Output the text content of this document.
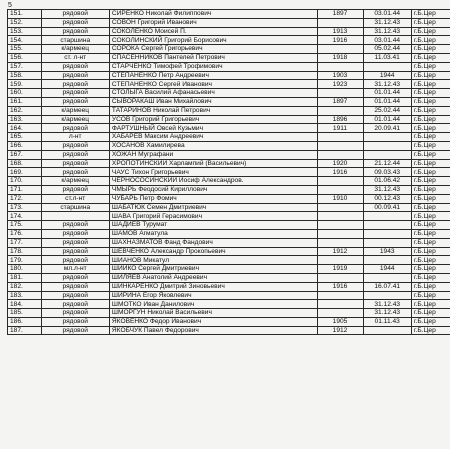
5
151.	рядовой	СИРЕНКО Николай Филиппович	1897	03.01.44	г.Б.Цер
152.	рядовой	СОВОН Григорий Иванович		31.12.43	г.Б.Цер
153.	рядовой	СОКОЛЕНКО Моисей П.	1913	31.12.43	г.Б.Цер
154.	старшина	СОКОЛИНСКИЙ Григорий Борисович	1916	03.01.44	г.Б.Цер
155.	к/армеец	СОРОКА Сергей Григорьевич		05.02.44	г.Б.Цер
156.	ст. л-нт	СПАСЕННИКОВ Пантелей Петрович	1918	11.03.41	г.Б.Цер
157.	рядовой	СТАРЧЕНКО Тимофей Трофимович			г.Б.Цер
158.	рядовой	СТЕПАНЕНКО Петр Андреевич	1903	1944	г.Б.Цер
159.	рядовой	СТЕПАНЕНКО Сергей Иванович	1923	31.12.43	г.Б.Цер
160.	рядовой	СТОЛЫГА Василий Афанасьевич		01.01.44	г.Б.Цер
161.	рядовой	СЫВОРАКАШ Иван Михайлович	1897	01.01.44	г.Б.Цер
162.	к/армеец	ТАТАРИНОВ Николай Петрович		25.02.44	г.Б.Цер
163.	к/армеец	УСОВ Григорий Григорьевич	1896	01.01.44	г.Б.Цер
164.	рядовой	ФАРТУШНЫЙ Овсей Кузьмич	1911	20.09.41	г.Б.Цер
165.	л-нт	ХАБАРЕВ Максим Андреевич			г.Б.Цер
166.	рядовой	ХОСАНОВ Хамилирева			г.Б.Цер
167.	рядовой	ХОЖАН Муграфани			г.Б.Цер
168.	рядовой	ХРОПОТИНСКИЙ Харлампий (Васильевич)	1920	21.12.44	г.Б.Цер
169.	рядовой	ЧАУС Тихон Григорьевич	1916	09.03.43	г.Б.Цер
170.	к/армеец	ЧЕРНОСОСИНСКИЙ Иосиф Александров.		01.06.42	г.Б.Цер
171.	рядовой	ЧМЫРЬ Феодосий Кириллович		31.12.43	г.Б.Цер
172.	ст.л-нт	ЧУБАРЬ Петр Фомич	1910	00.12.43	г.Б.Цер
173.	старшина	ШАБАТЮК Семен Дмитриевич		00.09.41	г.Б.Цер
174.		ШАВА Григорий Герасимович			г.Б.Цер
175.	рядовой	ШАДИЕВ Турумат			г.Б.Цер
176.	рядовой	ШАМОВ Агматула			г.Б.Цер
177.	рядовой	ШАХНАЗМАТОВ Фанд Фандович			г.Б.Цер
178.	рядовой	ШЕВЧЕНКО Александр Прокопьевич	1912	1943	г.Б.Цер
179.	рядовой	ШИАНОВ Микатул			г.Б.Цер
180.	мл.л-нт	ШИЙКО Сергей Дмитриевич	1919	1944	г.Б.Цер
181.	рядовой	ШИЛЯЕВ Анатолий Андреевич			г.Б.Цер
182.	рядовой	ШИНКАРЕНКО Дмитрий Зиновьевич	1916	16.07.41	г.Б.Цер
183.	рядовой	ШИРИНА Егор Яковлевич			г.Б.Цер
184.	рядовой	ШМОТКО Иван Данилович		31.12.43	г.Б.Цер
185.	рядовой	ШМОРГУН Николай Васильевич		31.12.43	г.Б.Цер
186.	рядовой	ЯКОВЕНКО Федор Иванович	1905	01.11.43	г.Б.Цер
187.	рядовой	ЯКОБЧУК Павел Федорович	1912		г.Б.Цер
